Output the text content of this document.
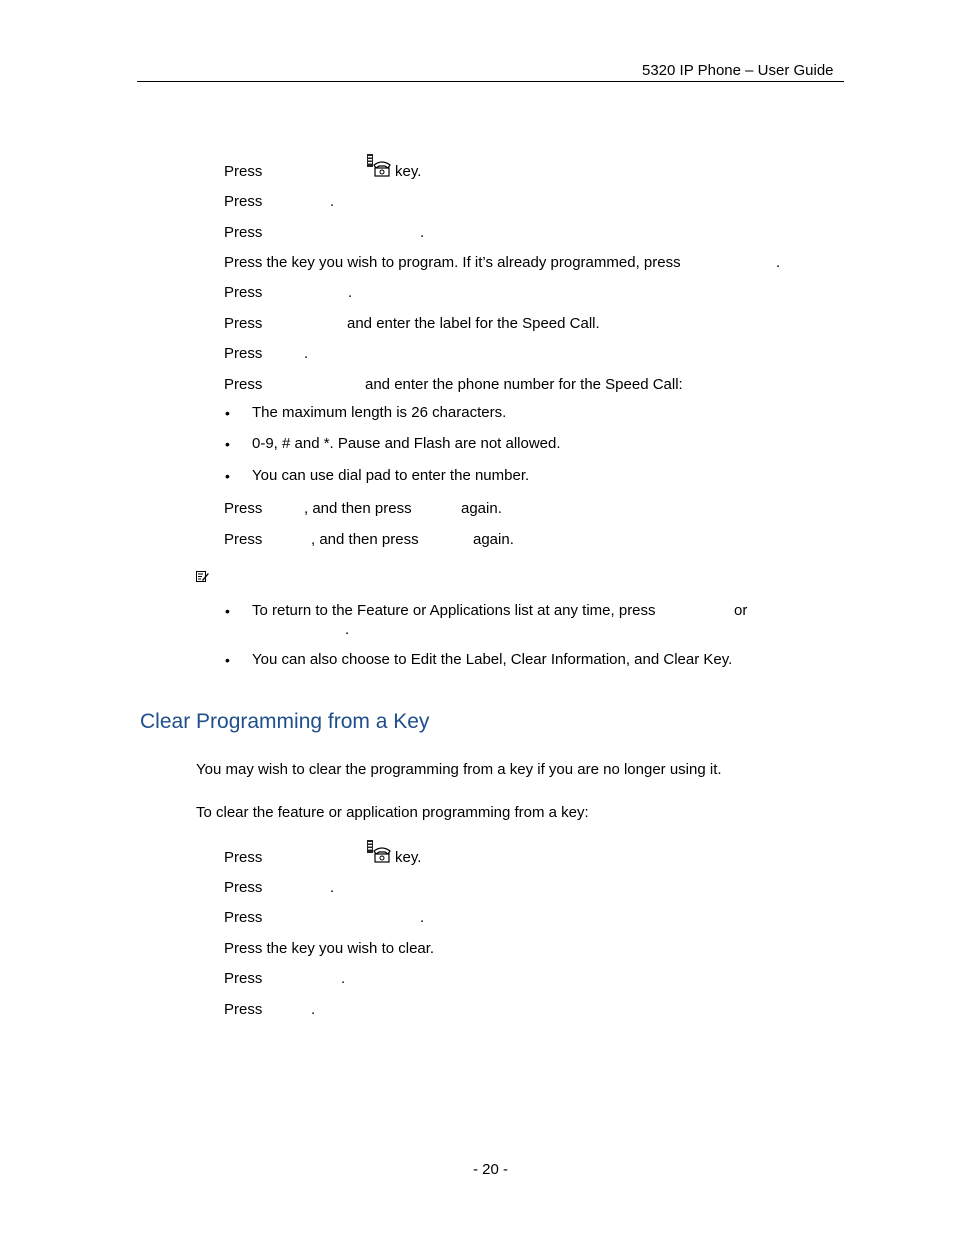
5320 IP Phone – User Guide
Press	key.
Press	.
Press	.
Press the key you wish to program. If it’s already programmed, press	.
Press	.
Press	and enter the label for the Speed Call.
Press	.
Press	and enter the phone number for the Speed Call:
• The maximum length is 26 characters.
• 0-9, # and *. Pause and Flash are not allowed.
• You can use dial pad to enter the number.
Press	, and then press	again.
Press	, and then press	again.
• To return to the Feature or Applications list at any time, press	or
.
• You can also choose to Edit the Label, Clear Information, and Clear Key.
Clear Programming from a Key
You may wish to clear the programming from a key if you are no longer using it.
To clear the feature or application programming from a key:
Press	key.
Press	.
Press	.
Press the key you wish to clear.
Press	.
Press	.
- 20 -
